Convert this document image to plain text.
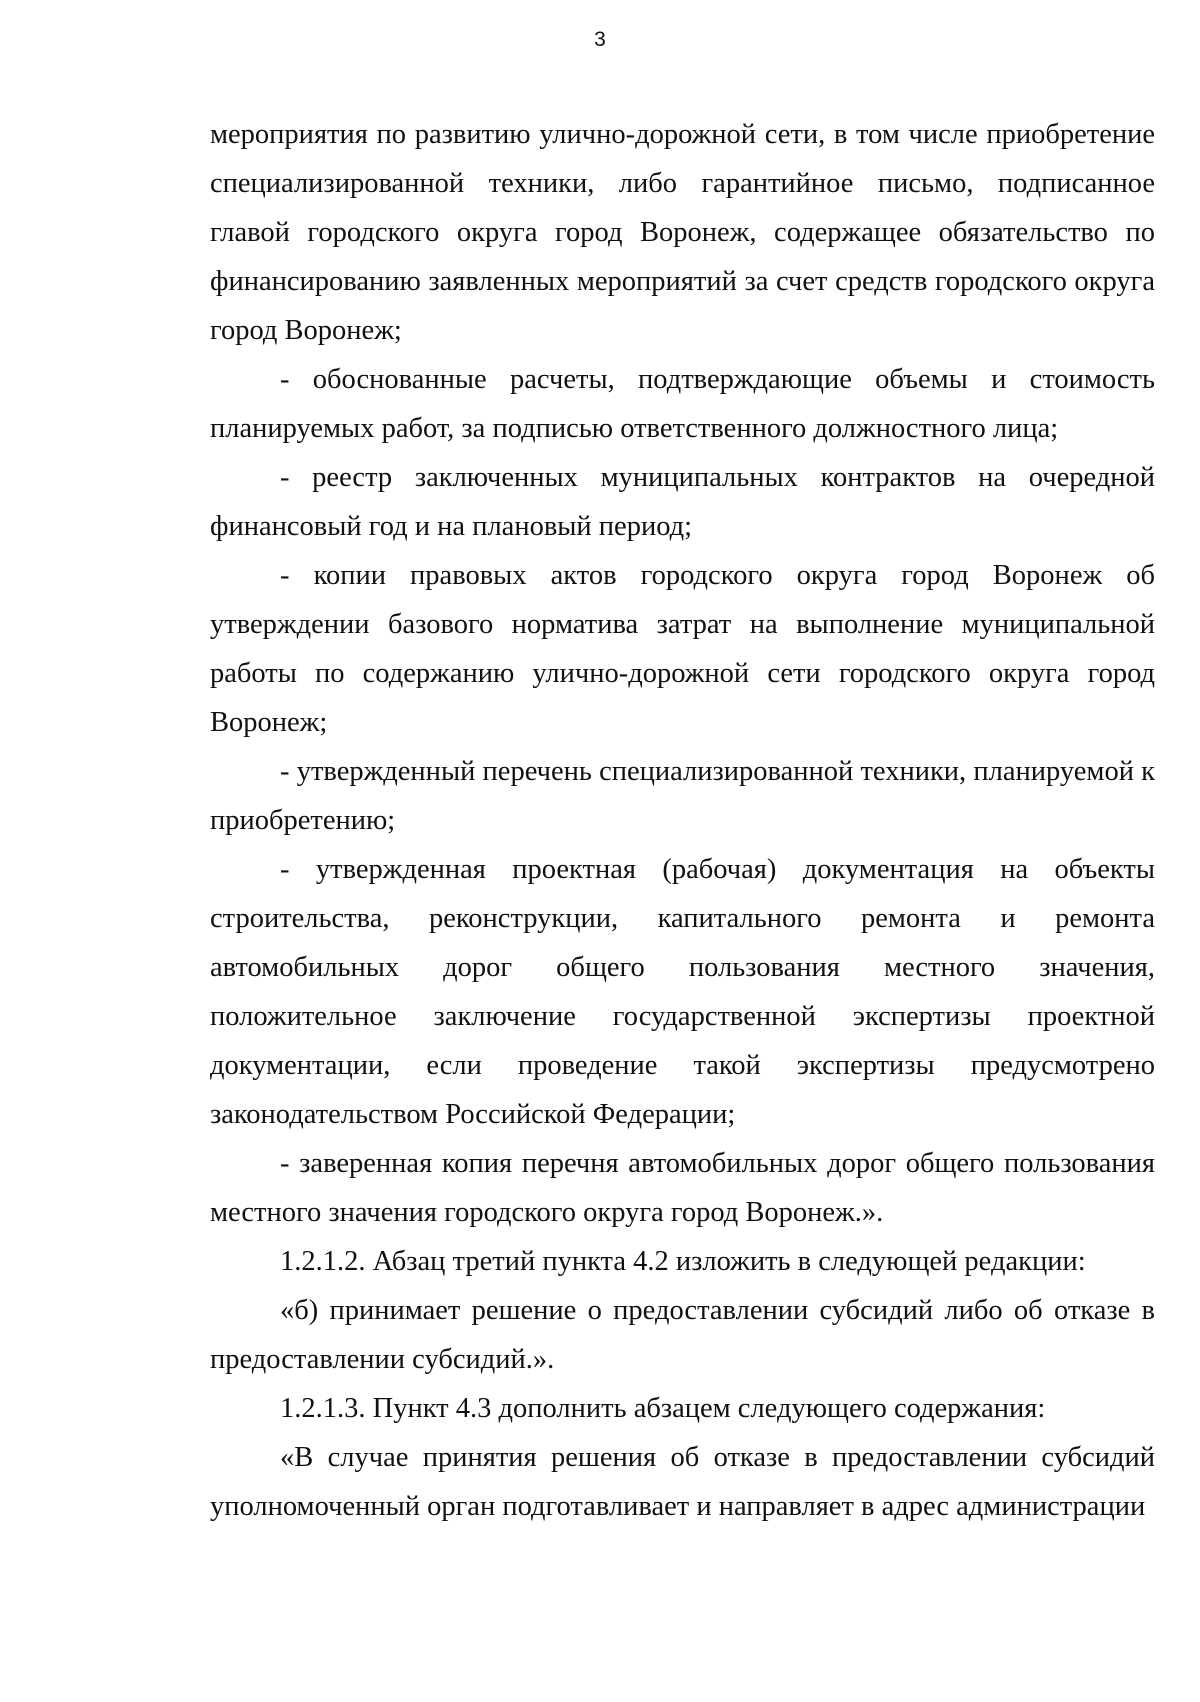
3

мероприятия по развитию улично-дорожной сети, в том числе приобретение специализированной техники, либо гарантийное письмо, подписанное главой городского округа город Воронеж, содержащее обязательство по финансированию заявленных мероприятий за счет средств городского округа город Воронеж;

- обоснованные расчеты, подтверждающие объемы и стоимость планируемых работ, за подписью ответственного должностного лица;

- реестр заключенных муниципальных контрактов на очередной финансовый год и на плановый период;

- копии правовых актов городского округа город Воронеж об утверждении базового норматива затрат на выполнение муниципальной работы по содержанию улично-дорожной сети городского округа город Воронеж;

- утвержденный перечень специализированной техники, планируемой к приобретению;

- утвержденная проектная (рабочая) документация на объекты строительства, реконструкции, капитального ремонта и ремонта автомобильных дорог общего пользования местного значения, положительное заключение государственной экспертизы проектной документации, если проведение такой экспертизы предусмотрено законодательством Российской Федерации;

- заверенная копия перечня автомобильных дорог общего пользования местного значения городского округа город Воронеж.».

1.2.1.2. Абзац третий пункта 4.2 изложить в следующей редакции:

«б) принимает решение о предоставлении субсидий либо об отказе в предоставлении субсидий.».

1.2.1.3. Пункт 4.3 дополнить абзацем следующего содержания:

«В случае принятия решения об отказе в предоставлении субсидий уполномоченный орган подготавливает и направляет в адрес администрации
